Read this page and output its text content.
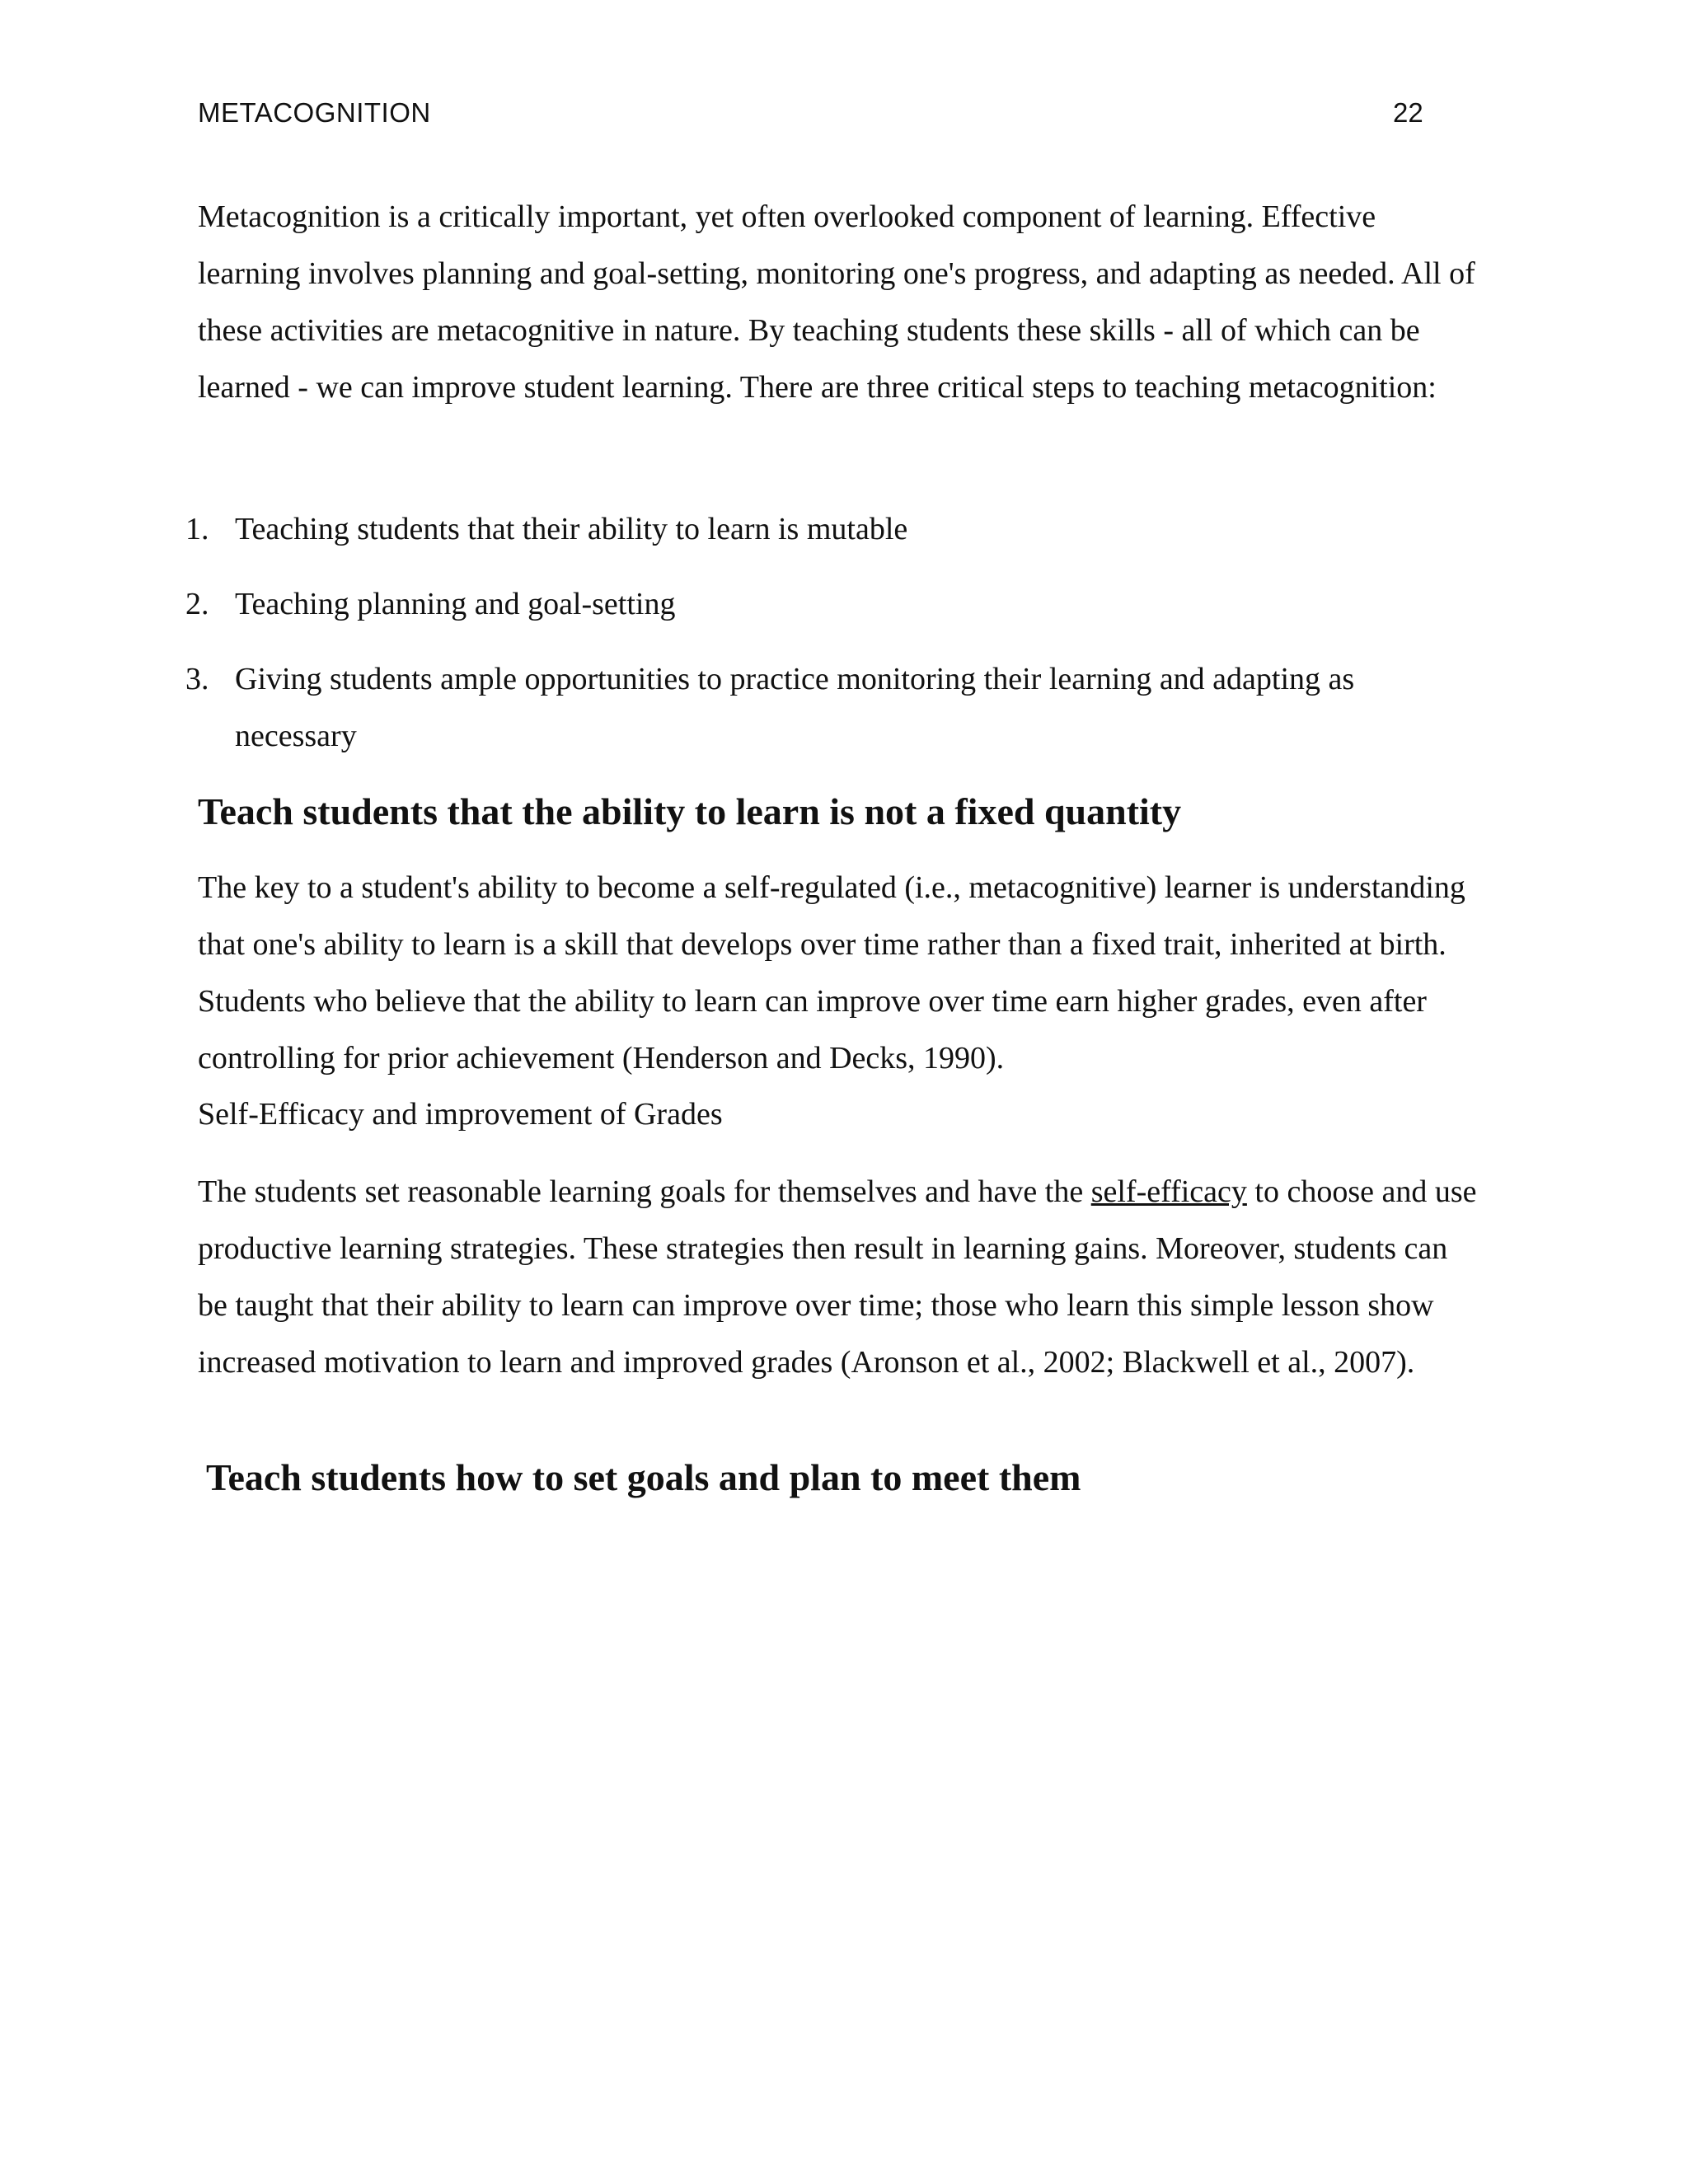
METACOGNITION	22

Metacognition is a critically important, yet often overlooked component of learning. Effective learning involves planning and goal-setting, monitoring one's progress, and adapting as needed. All of these activities are metacognitive in nature. By teaching students these skills - all of which can be learned - we can improve student learning. There are three critical steps to teaching metacognition:

1. Teaching students that their ability to learn is mutable
2. Teaching planning and goal-setting
3. Giving students ample opportunities to practice monitoring their learning and adapting as necessary
Teach students that the ability to learn is not a fixed quantity

The key to a student's ability to become a self-regulated (i.e., metacognitive) learner is understanding that one's ability to learn is a skill that develops over time rather than a fixed trait, inherited at birth. Students who believe that the ability to learn can improve over time earn higher grades, even after controlling for prior achievement (Henderson and Decks, 1990).

Self-Efficacy and improvement of Grades

The students set reasonable learning goals for themselves and have the self-efficacy to choose and use productive learning strategies. These strategies then result in learning gains. Moreover, students can be taught that their ability to learn can improve over time; those who learn this simple lesson show increased motivation to learn and improved grades (Aronson et al., 2002; Blackwell et al., 2007).

Teach students how to set goals and plan to meet them
